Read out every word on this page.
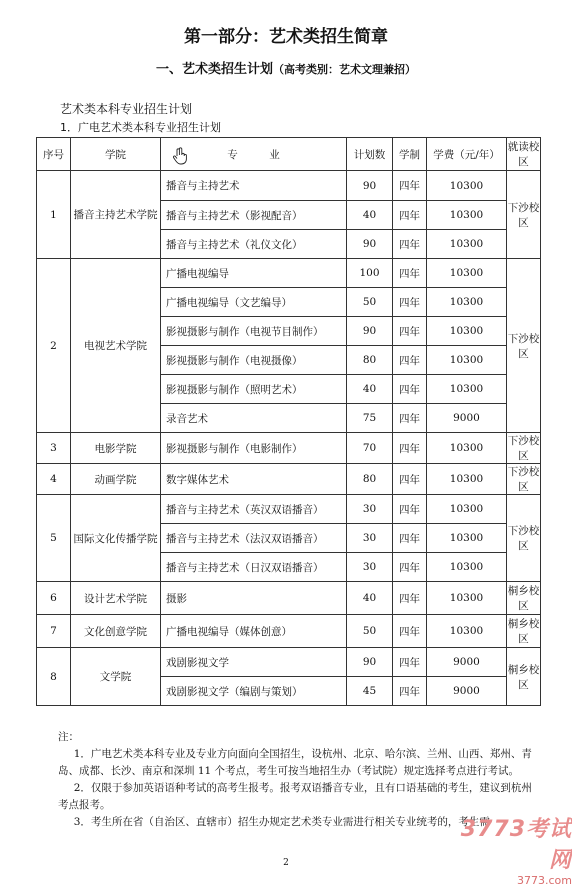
第一部分：艺术类招生简章
一、艺术类招生计划（高考类别：艺术文理兼招）
艺术类本科专业招生计划
1．广电艺术类本科专业招生计划
序号	学院	专　　　业	计划数	学制	学费（元/年）	就读校区
1	播音主持艺术学院	播音与主持艺术	90	四年	10300	下沙校区
		播音与主持艺术（影视配音）	40	四年	10300	
		播音与主持艺术（礼仪文化）	90	四年	10300	
2	电视艺术学院	广播电视编导	100	四年	10300	下沙校区
		广播电视编导（文艺编导）	50	四年	10300	
		影视摄影与制作（电视节目制作）	90	四年	10300	
		影视摄影与制作（电视摄像）	80	四年	10300	
		影视摄影与制作（照明艺术）	40	四年	10300	
		录音艺术	75	四年	9000	
3	电影学院	影视摄影与制作（电影制作）	70	四年	10300	下沙校区
4	动画学院	数字媒体艺术	80	四年	10300	下沙校区
5	国际文化传播学院	播音与主持艺术（英汉双语播音）	30	四年	10300	下沙校区
		播音与主持艺术（法汉双语播音）	30	四年	10300	
		播音与主持艺术（日汉双语播音）	30	四年	10300	
6	设计艺术学院	摄影	40	四年	10300	桐乡校区
7	文化创意学院	广播电视编导（媒体创意）	50	四年	10300	桐乡校区
8	文学院	戏剧影视文学	90	四年	9000	桐乡校区
		戏剧影视文学（编剧与策划）	45	四年	9000	

注：

1．广电艺术类本科专业及专业方向面向全国招生，设杭州、北京、哈尔滨、兰州、山西、郑州、青岛、成都、长沙、南京和深圳 11 个考点，考生可按当地招生办（考试院）规定选择考点进行考试。

2．仅限于参加英语语种考试的高考生报考。报考双语播音专业，且有口语基础的考生，建议到杭州考点报考。

3．考生所在省（自治区、直辖市）招生办规定艺术类专业需进行相关专业统考的，考生需

3773考试网
3773.com
2
